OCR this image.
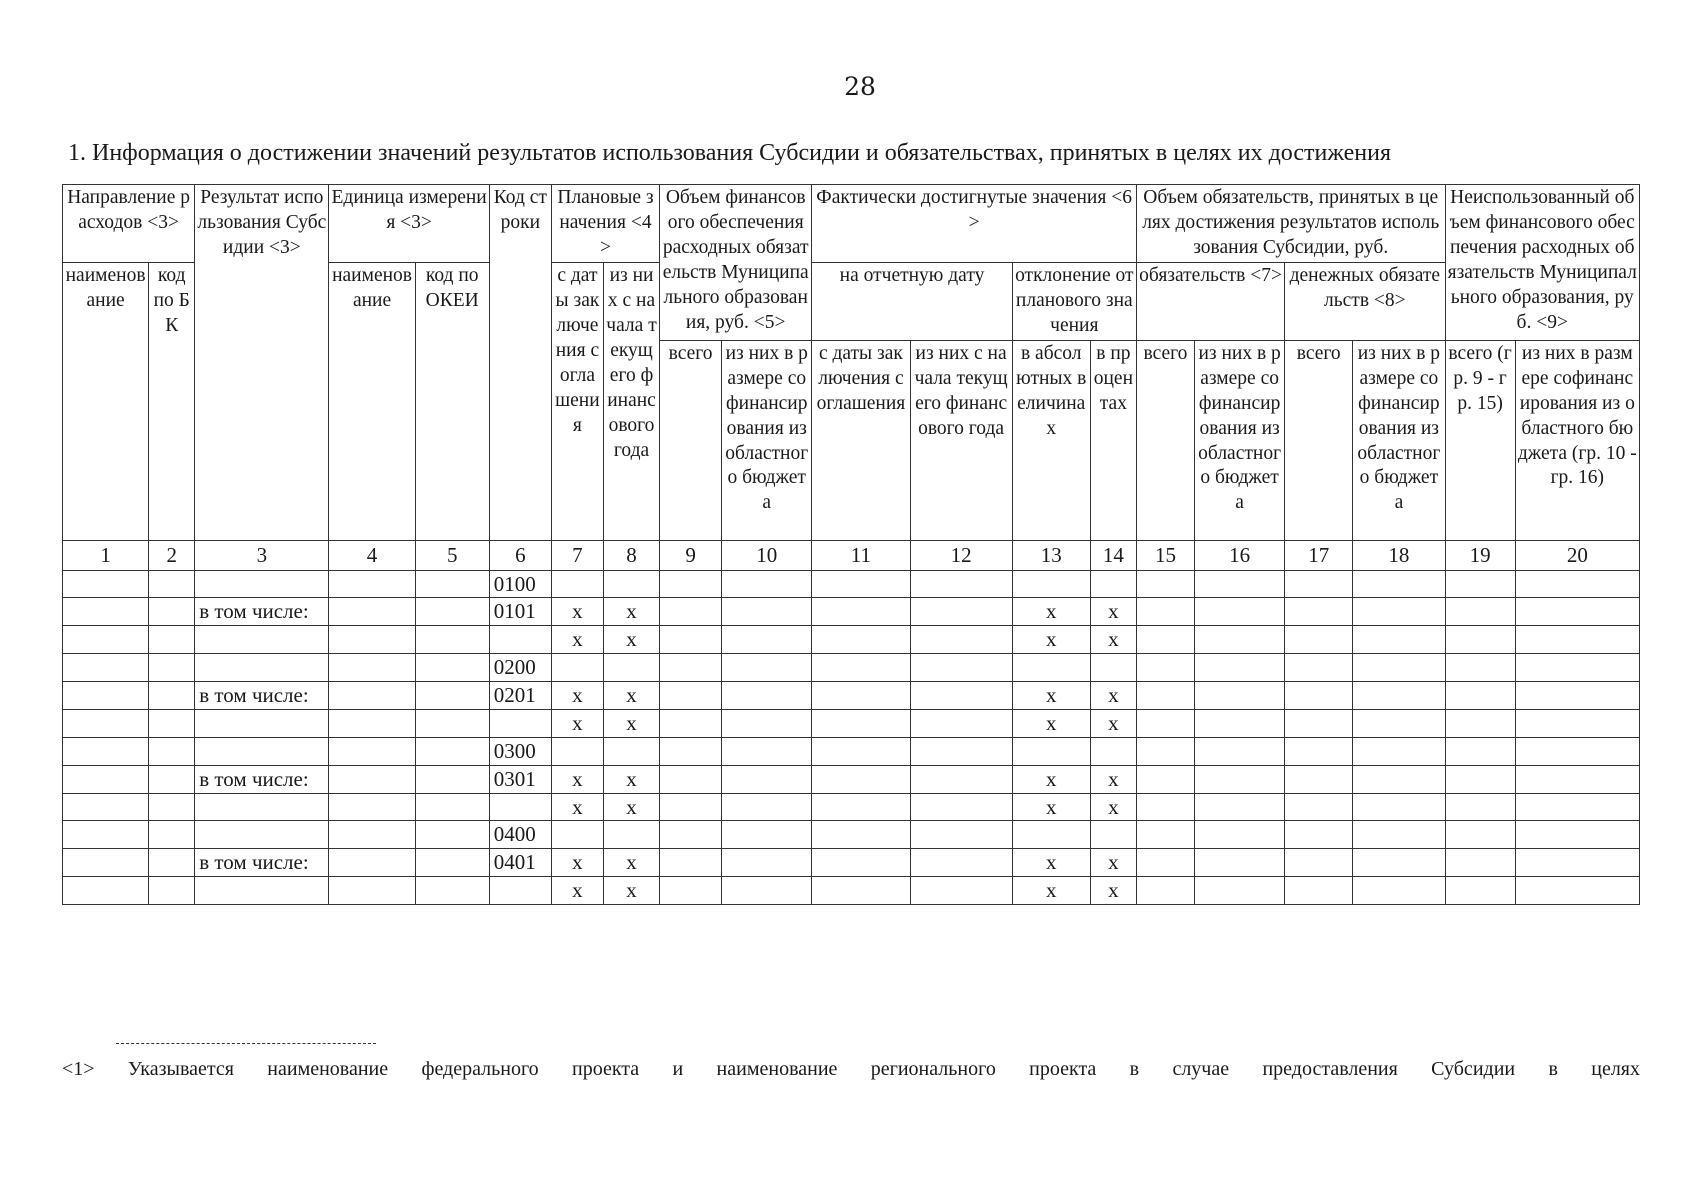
28
1. Информация о достижении значений результатов использования Субсидии и обязательствах, принятых в целях их достижения
Направление расходов <3>		Результат использования Субсидии <3>	Единица измерения <3>		Код строки	Плановые значения <4>		Объем финансового обеспечения расходных обязательств Муниципального образования, руб. <5>		Фактически достигнутые значения <6>				Объем обязательств, принятых в целях достижения результатов использования Субсидии, руб.				Неиспользованный объем финансового обеспечения расходных обязательств Муниципального образования, руб. <9>	
наименование	код по БК		наименование	код по ОКЕИ		с даты заключения соглашения	из них с начала текущего финансового года			на отчетную дату		отклонение от планового значения		обязательств <7>		денежных обязательств <8>			
								всего	из них в размере софинансирования из областного бюджета	с даты заключения соглашения	из них с начала текущего финансового года	в абсолютных величинах	в процентах	всего	из них в размере софинансирования из областного бюджета	всего	из них в размере софинансирования из областного бюджета	всего (гр. 9 - гр. 15)	из них в размере софинансирования из областного бюджета (гр. 10 - гр. 16)
1	2	3	4	5	6	7	8	9	10	11	12	13	14	15	16	17	18	19	20
					0100														
		в том числе:			0101	x	x					x	x						
						x	x					x	x						
					0200														
		в том числе:			0201	x	x					x	x						
						x	x					x	x						
					0300														
		в том числе:			0301	x	x					x	x						
						x	x					x	x						
					0400														
		в том числе:			0401	x	x					x	x						
						x	x					x	x						
<1> Указывается наименование федерального проекта и наименование регионального проекта в случае предоставления Субсидии в целях
